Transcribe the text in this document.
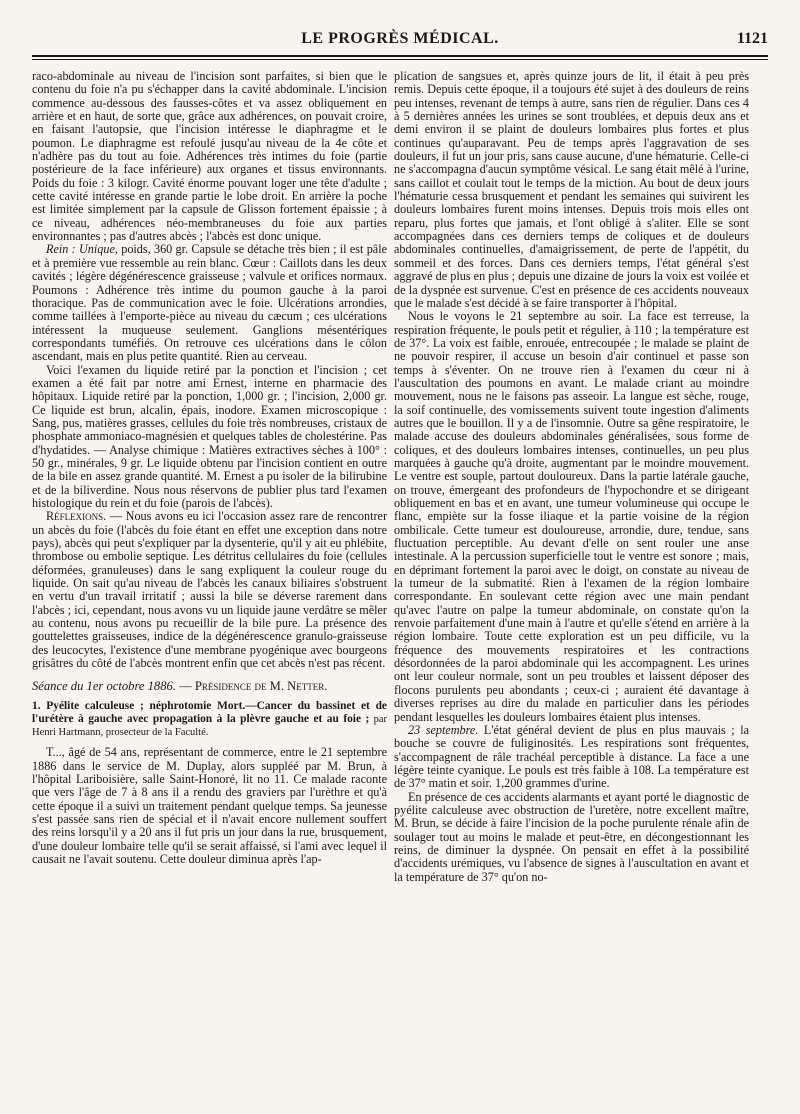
LE PROGRÈS MÉDICAL.	1121

raco-abdominale au niveau de l'incision sont parfaites, si bien que le contenu du foie n'a pu s'échapper dans la cavité abdominale. L'incision commence au-dessous des fausses-côtes et va assez obliquement en arrière et en haut, de sorte que, grâce aux adhérences, on pouvait croire, en faisant l'autopsie, que l'incision intéresse le diaphragme et le poumon. Le diaphragme est refoulé jusqu'au niveau de la 4e côte et n'adhère pas du tout au foie. Adhérences très intimes du foie (partie postérieure de la face inférieure) aux organes et tissus environnants. Poids du foie : 3 kilogr. Cavité énorme pouvant loger une tête d'adulte ; cette cavité intéresse en grande partie le lobe droit. En arrière la poche est limitée simplement par la capsule de Glisson fortement épaissie ; à ce niveau, adhérences néo-membraneuses du foie aux parties environnantes ; pas d'autres abcès ; l'abcès est donc unique.

Rein : Unique, poids, 360 gr. Capsule se détache très bien ; il est pâle et à première vue ressemble au rein blanc. Cœur : Caillots dans les deux cavités ; légère dégénérescence graisseuse ; valvule et orifices normaux. Poumons : Adhérence très intime du poumon gauche à la paroi thoracique. Pas de communication avec le foie. Ulcérations arrondies, comme taillées à l'emporte-pièce au niveau du cæcum ; ces ulcérations intéressent la muqueuse seulement. Ganglions mésentériques correspondants tuméfiés. On retrouve ces ulcérations dans le côlon ascendant, mais en plus petite quantité. Rien au cerveau.

Voici l'examen du liquide retiré par la ponction et l'incision ; cet examen a été fait par notre ami Ernest, interne en pharmacie des hôpitaux. Liquide retiré par la ponction, 1,000 gr. ; l'incision, 2,000 gr. Ce liquide est brun, alcalin, épais, inodore. Examen microscopique : Sang, pus, matières grasses, cellules du foie très nombreuses, cristaux de phosphate ammoniaco-magnésien et quelques tables de cholestérine. Pas d'hydatides. — Analyse chimique : Matières extractives sèches à 100° : 50 gr., minérales, 9 gr. Le liquide obtenu par l'incision contient en outre de la bile en assez grande quantité. M. Ernest a pu isoler de la bilirubine et de la biliverdine. Nous nous réservons de publier plus tard l'examen histologique du rein et du foie (parois de l'abcès).

Réflexions. — Nous avons eu ici l'occasion assez rare de rencontrer un abcès du foie (l'abcès du foie étant en effet une exception dans notre pays), abcès qui peut s'expliquer par la dysenterie, qu'il y ait eu phlébite, thrombose ou embolie septique. Les détritus cellulaires du foie (cellules déformées, granuleuses) dans le sang expliquent la couleur rouge du liquide. On sait qu'au niveau de l'abcès les canaux biliaires s'obstruent en vertu d'un travail irritatif ; aussi la bile se déverse rarement dans l'abcès ; ici, cependant, nous avons vu un liquide jaune verdâtre se mêler au contenu, nous avons pu recueillir de la bile pure. La présence des gouttelettes graisseuses, indice de la dégénérescence granulo-graisseuse des leucocytes, l'existence d'une membrane pyogénique avec bourgeons grisâtres du côté de l'abcès montrent enfin que cet abcès n'est pas récent.

Séance du 1er octobre 1886. — Présidence de M. Netter.

1. Pyélite calculeuse ; néphrotomie Mort.—Cancer du bassinet et de l'urétère à gauche avec propagation à la plèvre gauche et au foie ; par Henri Hartmann, prosecteur de la Faculté.

T..., âgé de 54 ans, représentant de commerce, entre le 21 septembre 1886 dans le service de M. Duplay, alors suppléé par M. Brun, à l'hôpital Lariboisière, salle Saint-Honoré, lit no 11. Ce malade raconte que vers l'âge de 7 à 8 ans il a rendu des graviers par l'urèthre et qu'à cette époque il a suivi un traitement pendant quelque temps. Sa jeunesse s'est passée sans rien de spécial et il n'avait encore nullement souffert des reins lorsqu'il y a 20 ans il fut pris un jour dans la rue, brusquement, d'une douleur lombaire telle qu'il se serait affaissé, si l'ami avec lequel il causait ne l'avait soutenu. Cette douleur diminua après l'ap-

plication de sangsues et, après quinze jours de lit, il était à peu près remis. Depuis cette époque, il a toujours été sujet à des douleurs de reins peu intenses, revenant de temps à autre, sans rien de régulier. Dans ces 4 à 5 dernières années les urines se sont troublées, et depuis deux ans et demi environ il se plaint de douleurs lombaires plus fortes et plus continues qu'auparavant. Peu de temps après l'aggravation de ses douleurs, il fut un jour pris, sans cause aucune, d'une hématurie. Celle-ci ne s'accompagna d'aucun symptôme vésical. Le sang était mêlé à l'urine, sans caillot et coulait tout le temps de la miction. Au bout de deux jours l'hématurie cessa brusquement et pendant les semaines qui suivirent les douleurs lombaires furent moins intenses. Depuis trois mois elles ont reparu, plus fortes que jamais, et l'ont obligé à s'aliter. Elle se sont accompagnées dans ces derniers temps de coliques et de douleurs abdominales continuelles, d'amaigrissement, de perte de l'appétit, du sommeil et des forces. Dans ces derniers temps, l'état général s'est aggravé de plus en plus ; depuis une dizaine de jours la voix est voilée et de la dyspnée est survenue. C'est en présence de ces accidents nouveaux que le malade s'est décidé à se faire transporter à l'hôpital.

Nous le voyons le 21 septembre au soir. La face est terreuse, la respiration fréquente, le pouls petit et régulier, à 110 ; la température est de 37°. La voix est faible, enrouée, entrecoupée ; le malade se plaint de ne pouvoir respirer, il accuse un besoin d'air continuel et passe son temps à s'éventer. On ne trouve rien à l'examen du cœur ni à l'auscultation des poumons en avant. Le malade criant au moindre mouvement, nous ne le faisons pas asseoir. La langue est sèche, rouge, la soif continuelle, des vomissements suivent toute ingestion d'aliments autres que le bouillon. Il y a de l'insomnie. Outre sa gêne respiratoire, le malade accuse des douleurs abdominales généralisées, sous forme de coliques, et des douleurs lombaires intenses, continuelles, un peu plus marquées à gauche qu'à droite, augmentant par le moindre mouvement. Le ventre est souple, partout douloureux. Dans la partie latérale gauche, on trouve, émergeant des profondeurs de l'hypochondre et se dirigeant obliquement en bas et en avant, une tumeur volumineuse qui occupe le flanc, empiète sur la fosse iliaque et la partie voisine de la région ombilicale. Cette tumeur est douloureuse, arrondie, dure, tendue, sans fluctuation perceptible. Au devant d'elle on sent rouler une anse intestinale. A la percussion superficielle tout le ventre est sonore ; mais, en déprimant fortement la paroi avec le doigt, on constate au niveau de la tumeur de la submatité. Rien à l'examen de la région lombaire correspondante. En soulevant cette région avec une main pendant qu'avec l'autre on palpe la tumeur abdominale, on constate qu'on la renvoie parfaitement d'une main à l'autre et qu'elle s'étend en arrière à la région lombaire. Toute cette exploration est un peu difficile, vu la fréquence des mouvements respiratoires et les contractions désordonnées de la paroi abdominale qui les accompagnent. Les urines ont leur couleur normale, sont un peu troubles et laissent déposer des flocons purulents peu abondants ; ceux-ci ; auraient été davantage à diverses reprises au dire du malade en particulier dans les périodes pendant lesquelles les douleurs lombaires étaient plus intenses.

23 septembre. L'état général devient de plus en plus mauvais ; la bouche se couvre de fuliginosités. Les respirations sont fréquentes, s'accompagnent de râle trachéal perceptible à distance. La face a une légère teinte cyanique. Le pouls est très faible à 108. La température est de 37° matin et soir. 1,200 grammes d'urine.

En présence de ces accidents alarmants et ayant porté le diagnostic de pyélite calculeuse avec obstruction de l'uretère, notre excellent maître, M. Brun, se décide à faire l'incision de la poche purulente rénale afin de soulager tout au moins le malade et peut-être, en décongestionnant les reins, de diminuer la dyspnée. On pensait en effet à la possibilité d'accidents urémiques, vu l'absence de signes à l'auscultation en avant et la température de 37° qu'on no-
